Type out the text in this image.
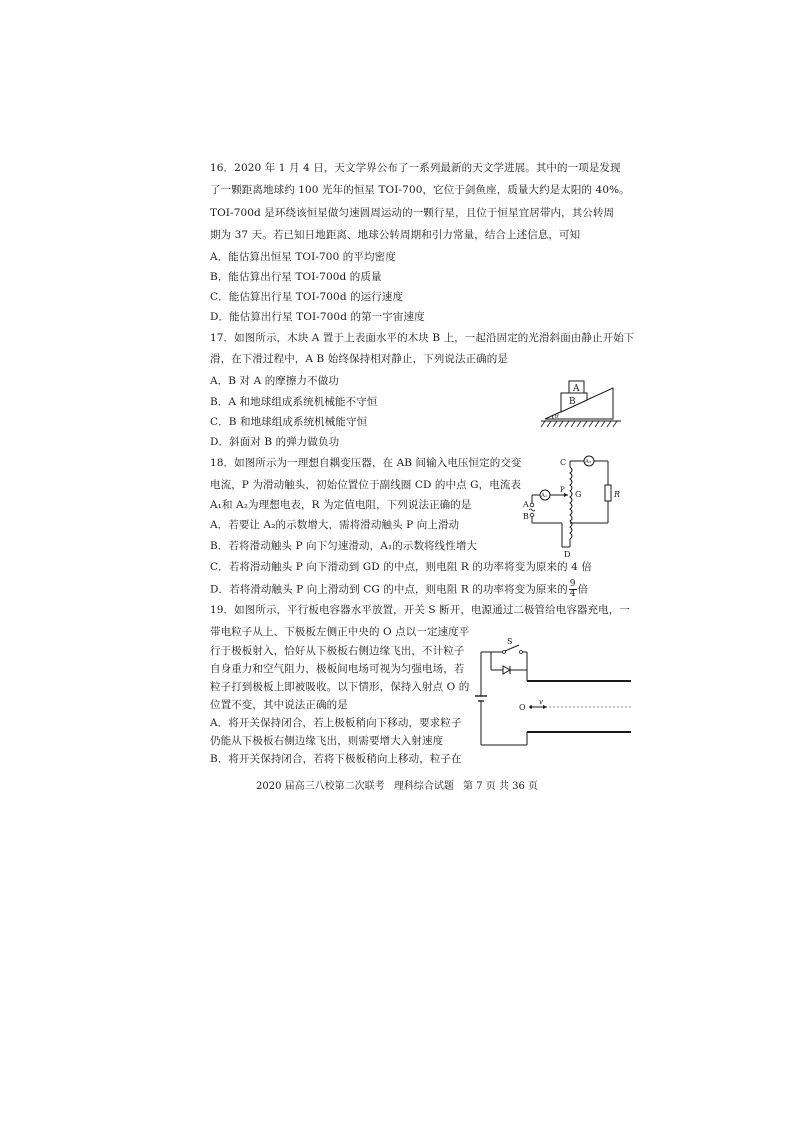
16．2020 年 1 月 4 日，天文学界公布了一系列最新的天文学进展。其中的一项是发现
了一颗距离地球约 100 光年的恒星 TOI-700，它位于剑鱼座，质量大约是太阳的 40%。
TOI-700d 是环绕该恒星做匀速圆周运动的一颗行星，且位于恒星宜居带内，其公转周
期为 37 天。若已知日地距离、地球公转周期和引力常量，结合上述信息，可知
A．能估算出恒星 TOI-700 的平均密度
B．能估算出行星 TOI-700d 的质量
C．能估算出行星 TOI-700d 的运行速度
D．能估算出行星 TOI-700d 的第一宇宙速度
17．如图所示，木块 A 置于上表面水平的木块 B 上，一起沿固定的光滑斜面由静止开始下
滑，在下滑过程中，A B 始终保持相对静止，下列说法正确的是
A．B 对 A 的摩擦力不做功
B．A 和地球组成系统机械能不守恒
C．B 和地球组成系统机械能守恒
D．斜面对 B 的弹力做负功
A
B
θ
18．如图所示为一理想自耦变压器，在 AB 间输入电压恒定的交变
电流，P 为滑动触头，初始位置位于副线圈 CD 的中点 G，电流表
A₁和 A₂为理想电表，R 为定值电阻，下列说法正确的是
A．若要让 A₂的示数增大，需将滑动触头 P 向上滑动
B．若将滑动触头 P 向下匀速滑动，A₁的示数将线性增大
C．若将滑动触头 P 向下滑动到 GD 的中点，则电阻 R 的功率将变为原来的 4 倍
D．若将滑动触头 P 向上滑动到 CG 的中点，则电阻 R 的功率将变为原来的 $\frac{9}{4}$ 倍
A₂
R
C
D
G
P
A₁
A
B
19．如图所示，平行板电容器水平放置，开关 S 断开，电源通过二极管给电容器充电，一
带电粒子从上、下极板左侧正中央的 O 点以一定速度平
行于极板射入，恰好从下极板右侧边缘飞出，不计粒子
自身重力和空气阻力，极板间电场可视为匀强电场，若
粒子打到极板上即被吸收。以下情形，保持入射点 O 的
位置不变，其中说法正确的是
A．将开关保持闭合，若上极板稍向下移动，要求粒子
仍能从下极板右侧边缘飞出，则需要增大入射速度
B．将开关保持闭合，若将下极板稍向上移动，粒子在
S
O
v
2020 届高三八校第二次联考 理科综合试题 第 7 页 共 36 页
